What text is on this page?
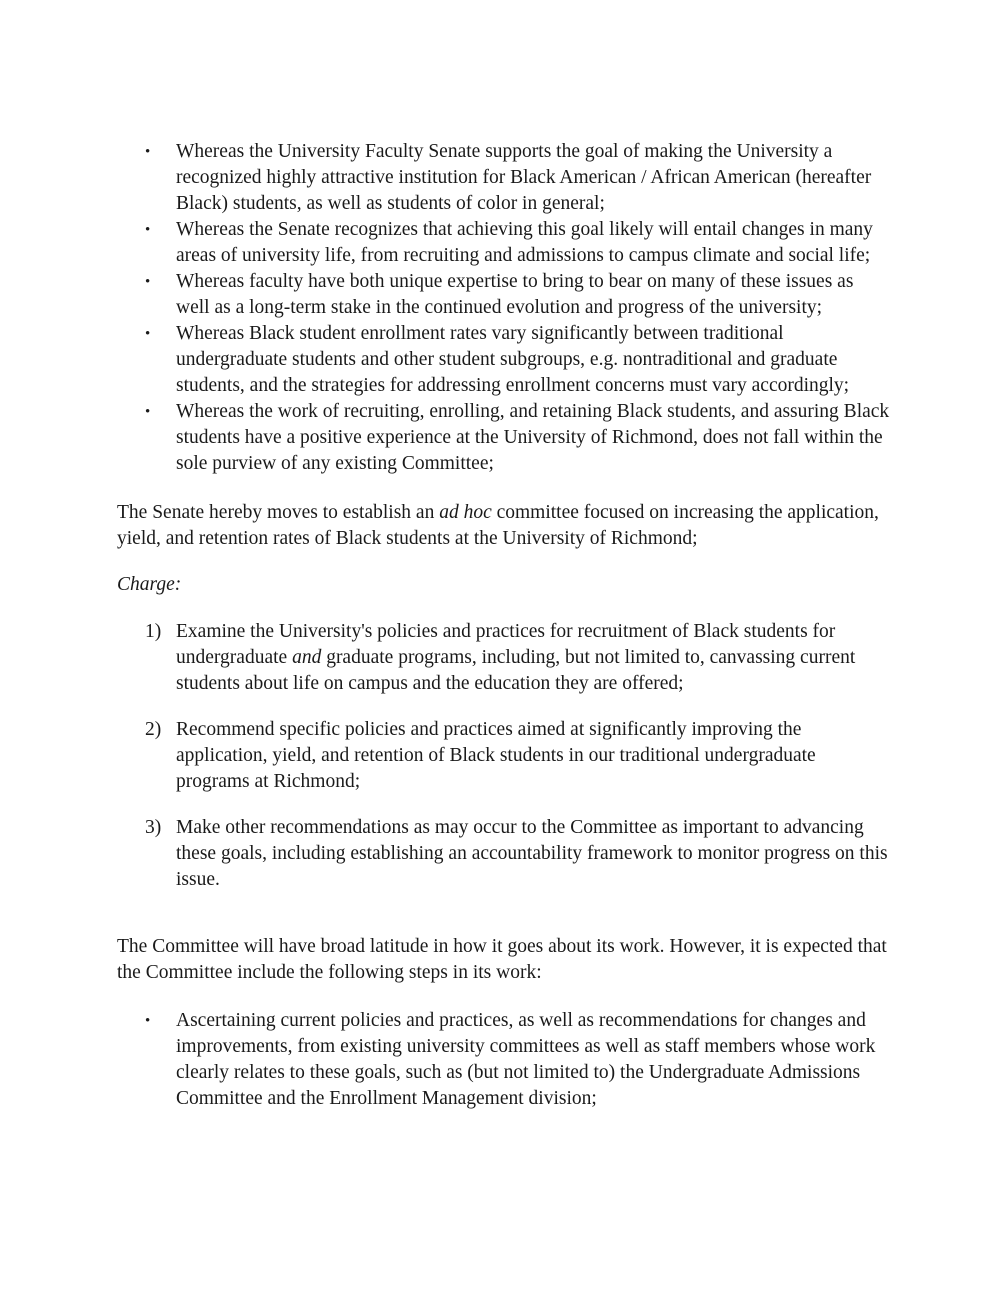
•	Whereas the University Faculty Senate supports the goal of making the University a recognized highly attractive institution for Black American / African American (hereafter Black) students, as well as students of color in general;
•	Whereas the Senate recognizes that achieving this goal likely will entail changes in many areas of university life, from recruiting and admissions to campus climate and social life;
•	Whereas faculty have both unique expertise to bring to bear on many of these issues as well as a long-term stake in the continued evolution and progress of the university;
•	Whereas Black student enrollment rates vary significantly between traditional undergraduate students and other student subgroups, e.g. nontraditional and graduate students, and the strategies for addressing enrollment concerns must vary accordingly;
•	Whereas the work of recruiting, enrolling, and retaining Black students, and assuring Black students have a positive experience at the University of Richmond, does not fall within the sole purview of any existing Committee;

The Senate hereby moves to establish an ad hoc committee focused on increasing the application, yield, and retention rates of Black students at the University of Richmond;

Charge:

1) Examine the University's policies and practices for recruitment of Black students for undergraduate and graduate programs, including, but not limited to, canvassing current students about life on campus and the education they are offered;
2) Recommend specific policies and practices aimed at significantly improving the application, yield, and retention of Black students in our traditional undergraduate programs at Richmond;
3) Make other recommendations as may occur to the Committee as important to advancing these goals, including establishing an accountability framework to monitor progress on this issue.

The Committee will have broad latitude in how it goes about its work. However, it is expected that the Committee include the following steps in its work:

•	Ascertaining current policies and practices, as well as recommendations for changes and improvements, from existing university committees as well as staff members whose work clearly relates to these goals, such as (but not limited to) the Undergraduate Admissions Committee and the Enrollment Management division;
